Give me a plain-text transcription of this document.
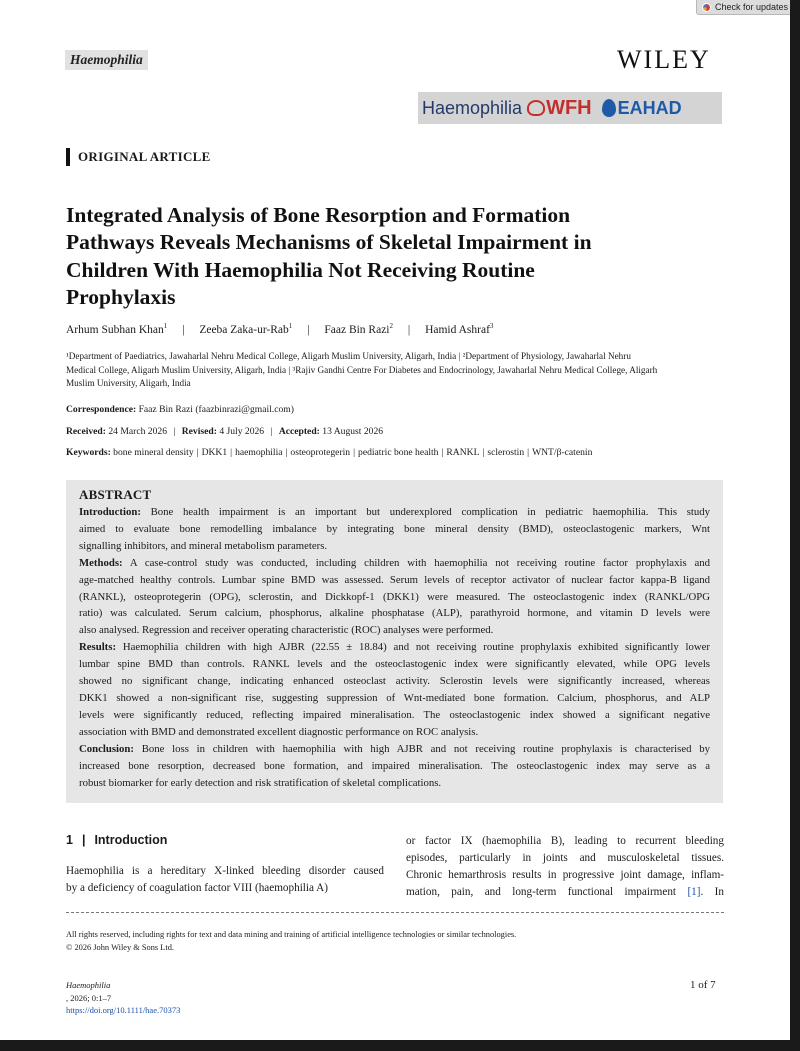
Check for updates
Haemophilia	WILEY
Haemophilia WFH EAHAD
ORIGINAL ARTICLE
Integrated Analysis of Bone Resorption and Formation
Pathways Reveals Mechanisms of Skeletal Impairment in
Children With Haemophilia Not Receiving Routine
Prophylaxis
Arhum Subhan Khan$^1$ | Zeeba Zaka-ur-Rab$^1$ | Faaz Bin Razi$^2$ | Hamid Ashraf$^3$
¹Department of Paediatrics, Jawaharlal Nehru Medical College, Aligarh Muslim University, Aligarh, India | ²Department of Physiology, Jawaharlal Nehru
Medical College, Aligarh Muslim University, Aligarh, India | ³Rajiv Gandhi Centre For Diabetes and Endocrinology, Jawaharlal Nehru Medical College, Aligarh
Muslim University, Aligarh, India
Correspondence: Faaz Bin Razi (faazbinrazi@gmail.com)
Received: 24 March 2026 | Revised: 4 July 2026 | Accepted: 13 August 2026
Keywords: bone mineral density | DKK1 | haemophilia | osteoprotegerin | pediatric bone health | RANKL | sclerostin | WNT/β-catenin
ABSTRACT
Introduction: Bone health impairment is an important but underexplored complication in pediatric haemophilia. This study
aimed to evaluate bone remodelling imbalance by integrating bone mineral density (BMD), osteoclastogenic markers, Wnt
signalling inhibitors, and mineral metabolism parameters.
Methods: A case-control study was conducted, including children with haemophilia not receiving routine factor prophylaxis and
age-matched healthy controls. Lumbar spine BMD was assessed. Serum levels of receptor activator of nuclear factor kappa-B ligand
(RANKL), osteoprotegerin (OPG), sclerostin, and Dickkopf-1 (DKK1) were measured. The osteoclastogenic index (RANKL/OPG
ratio) was calculated. Serum calcium, phosphorus, alkaline phosphatase (ALP), parathyroid hormone, and vitamin D levels were
also analysed. Regression and receiver operating characteristic (ROC) analyses were performed.
Results: Haemophilia children with high AJBR (22.55 ± 18.84) and not receiving routine prophylaxis exhibited significantly lower
lumbar spine BMD than controls. RANKL levels and the osteoclastogenic index were significantly elevated, while OPG levels
showed no significant change, indicating enhanced osteoclast activity. Sclerostin levels were significantly increased, whereas
DKK1 showed a non-significant rise, suggesting suppression of Wnt-mediated bone formation. Calcium, phosphorus, and ALP
levels were significantly reduced, reflecting impaired mineralisation. The osteoclastogenic index showed a significant negative
association with BMD and demonstrated excellent diagnostic performance on ROC analysis.
Conclusion: Bone loss in children with haemophilia with high AJBR and not receiving routine prophylaxis is characterised by
increased bone resorption, decreased bone formation, and impaired mineralisation. The osteoclastogenic index may serve as a
robust biomarker for early detection and risk stratification of skeletal complications.
1 | Introduction
Haemophilia is a hereditary X-linked bleeding disorder caused
by a deficiency of coagulation factor VIII (haemophilia A)
or factor IX (haemophilia B), leading to recurrent bleeding
episodes, particularly in joints and musculoskeletal tissues.
Chronic hemarthrosis results in progressive joint damage, inflam-
mation, pain, and long-term functional impairment [1]. In
All rights reserved, including rights for text and data mining and training of artificial intelligence technologies or similar technologies.
© 2026 John Wiley & Sons Ltd.
Haemophilia
, 2026; 0:1–7
https://doi.org/10.1111/hae.70373
1 of 7
